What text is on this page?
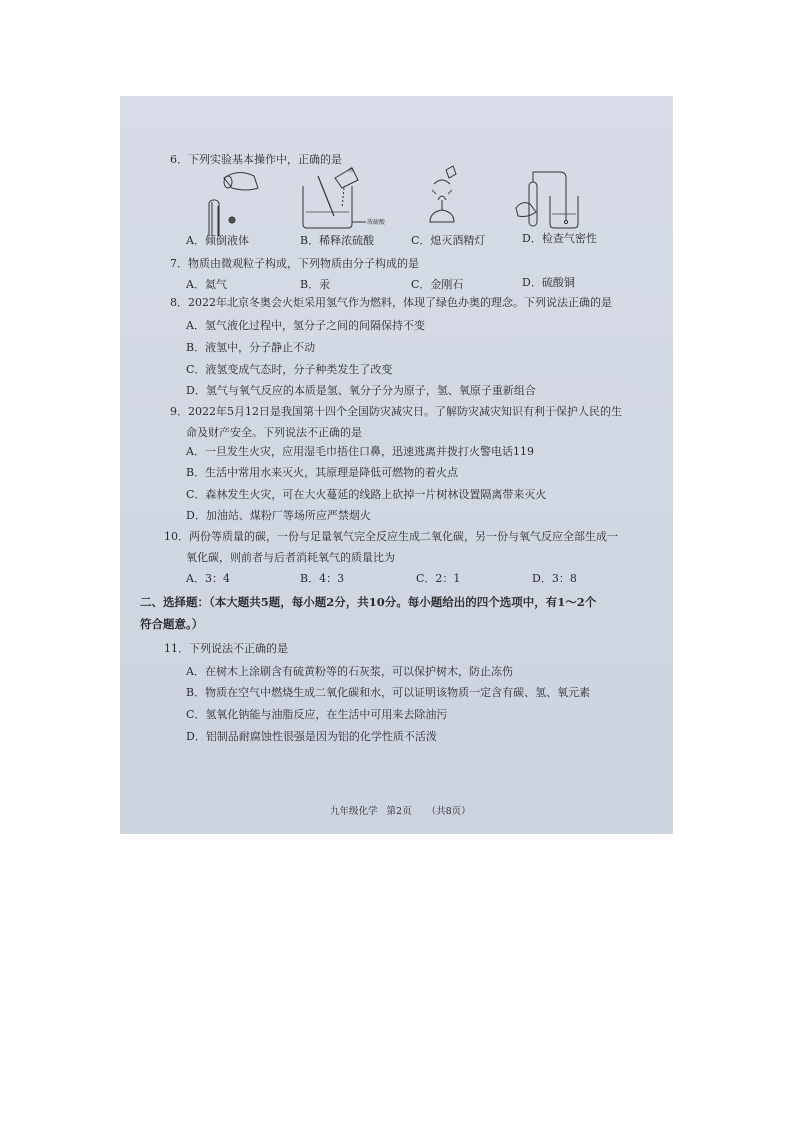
6．下列实验基本操作中，正确的是
水
浓硫酸
A．倾倒液体	B．稀释浓硫酸	C．熄灭酒精灯	D．检查气密性
7．物质由微观粒子构成，下列物质由分子构成的是
A．氦气	B．汞	C．金刚石	D．硫酸铜
8．2022年北京冬奥会火炬采用氢气作为燃料，体现了绿色办奥的理念。下列说法正确的是
A．氢气液化过程中，氢分子之间的间隔保持不变
B．液氢中，分子静止不动
C．液氢变成气态时，分子种类发生了改变
D．氢气与氧气反应的本质是氢、氧分子分为原子，氢、氧原子重新组合
9．2022年5月12日是我国第十四个全国防灾减灾日。了解防灾减灾知识有利于保护人民的生
命及财产安全。下列说法不正确的是
A．一旦发生火灾，应用湿毛巾捂住口鼻，迅速逃离并拨打火警电话119
B．生活中常用水来灭火，其原理是降低可燃物的着火点
C．森林发生火灾，可在大火蔓延的线路上砍掉一片树林设置隔离带来灭火
D．加油站、煤粉厂等场所应严禁烟火
10．两份等质量的碳，一份与足量氧气完全反应生成二氧化碳，另一份与氧气反应全部生成一
氧化碳，则前者与后者消耗氧气的质量比为
A．3：4	B．4：3	C．2：1	D．3：8
二、选择题：（本大题共5题，每小题2分，共10分。每小题给出的四个选项中，有1～2个
符合题意。）
11．下列说法不正确的是
A．在树木上涂刷含有硫黄粉等的石灰浆，可以保护树木，防止冻伤
B．物质在空气中燃烧生成二氧化碳和水，可以证明该物质一定含有碳、氢、氧元素
C．氢氧化钠能与油脂反应，在生活中可用来去除油污
D．铝制品耐腐蚀性很强是因为铝的化学性质不活泼
九年级化学 第2页 （共8页）
